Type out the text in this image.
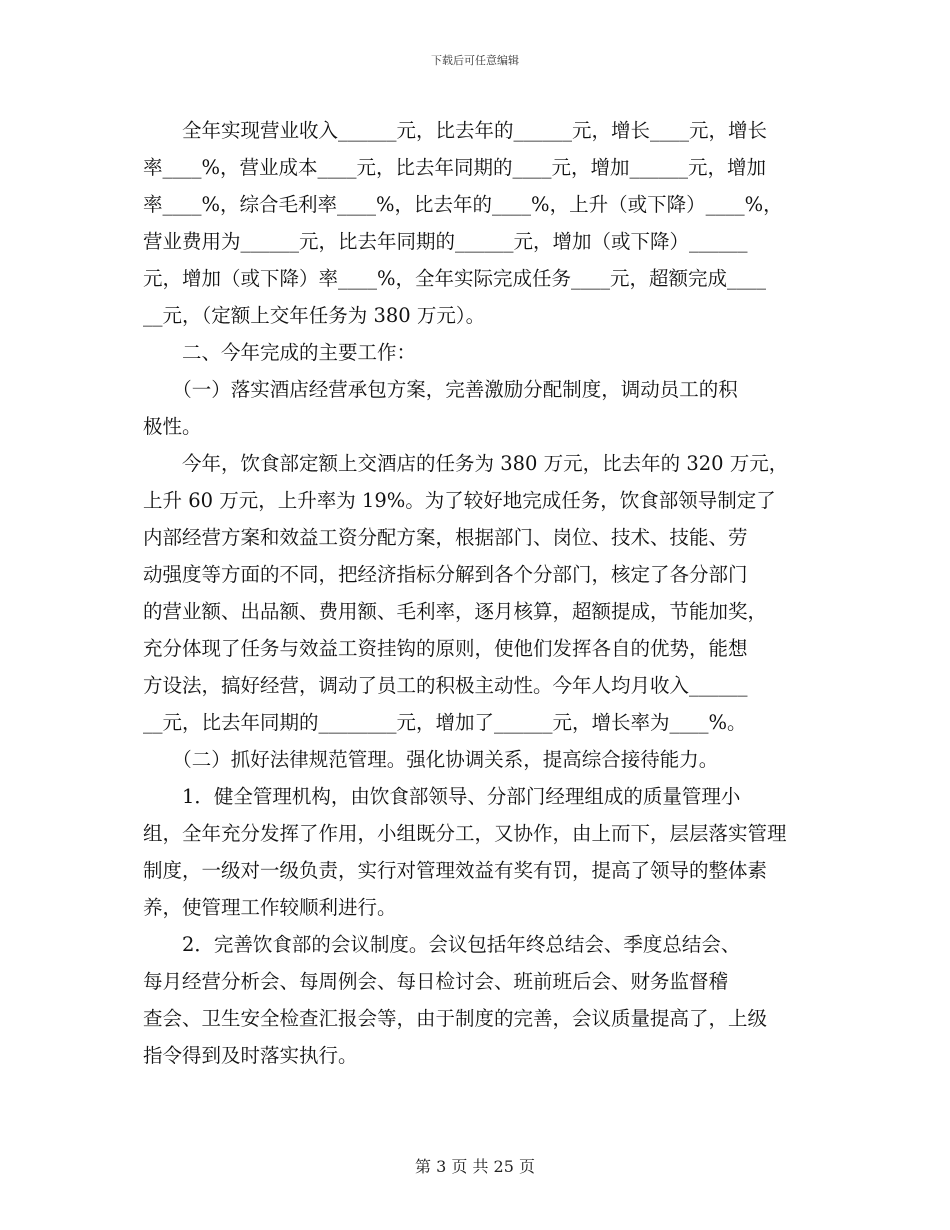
下载后可任意编辑
　　全年实现营业收入______元，比去年的______元，增长____元，增长
率____%，营业成本____元，比去年同期的____元，增加______元，增加
率____%，综合毛利率____%，比去年的____%，上升（或下降）____%，
营业费用为______元，比去年同期的______元，增加（或下降）______
元，增加（或下降）率____%，全年实际完成任务____元，超额完成____
__元，（定额上交年任务为 380 万元）。
　　二、今年完成的主要工作：
　　（一）落实酒店经营承包方案，完善激励分配制度，调动员工的积
极性。
　　今年，饮食部定额上交酒店的任务为 380 万元，比去年的 320 万元，
上升 60 万元，上升率为 19%。为了较好地完成任务，饮食部领导制定了
内部经营方案和效益工资分配方案，根据部门、岗位、技术、技能、劳
动强度等方面的不同，把经济指标分解到各个分部门，核定了各分部门
的营业额、出品额、费用额、毛利率，逐月核算，超额提成，节能加奖，
充分体现了任务与效益工资挂钩的原则，使他们发挥各自的优势，能想
方设法，搞好经营，调动了员工的积极主动性。今年人均月收入______
__元，比去年同期的________元，增加了______元，增长率为____%。
　　（二）抓好法律规范管理。强化协调关系，提高综合接待能力。
　　1．健全管理机构，由饮食部领导、分部门经理组成的质量管理小
组，全年充分发挥了作用，小组既分工，又协作，由上而下，层层落实管理
制度，一级对一级负责，实行对管理效益有奖有罚，提高了领导的整体素
养，使管理工作较顺利进行。
　　2．完善饮食部的会议制度。会议包括年终总结会、季度总结会、
每月经营分析会、每周例会、每日检讨会、班前班后会、财务监督稽
查会、卫生安全检查汇报会等，由于制度的完善，会议质量提高了，上级
指令得到及时落实执行。
第 3 页 共 25 页
